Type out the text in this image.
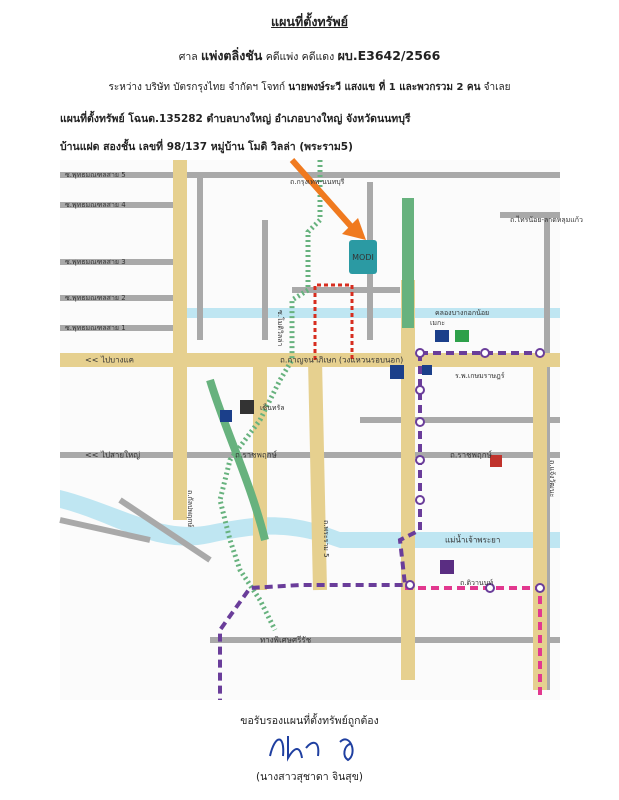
แผนที่ตั้งทรัพย์
ศาล แพ่งตลิ่งชัน คดีแพ่ง คดีแดง ผบ.E3642/2566
ระหว่าง บริษัท บัตรกรุงไทย จำกัดฯ โจทก์ นายพงษ์ระวี แสงแข ที่ 1 และพวกรวม 2 คน จำเลย
แผนที่ตั้งทรัพย์ โฉนด.135282 ตำบลบางใหญ่ อำเภอบางใหญ่ จังหวัดนนทบุรี
บ้านแฝด สองชั้น เลขที่ 98/137 หมู่บ้าน โมดิ วิลล่า (พระราม5)
MODI
<< ไปบางแค	ถ.กาญจนาภิเษก (วงแหวนรอบนอก)
<< ไปสายใหญ่	ถ.ราชพฤกษ์	ถ.ราชพฤกษ์
ทางพิเศษศรีรัช
แม่น้ำเจ้าพระยา
คลองบางกอกน้อย
ถ.กรุงเทพ-นนทบุรี
ถ.ติวานนท์
ซ.พุทธมณฑลสาย 5
ซ.พุทธมณฑลสาย 4
ซ.พุทธมณฑลสาย 3
ซ.พุทธมณฑลสาย 2
ซ.พุทธมณฑลสาย 1
ถ.ไทรน้อย-ลาดหลุมแก้ว
ซ.โมดิวิลล่า
ถ.กัลปพฤกษ์
ถ.พระราม 5
ถ.แจ้งวัฒนะ
เซ็นทรัล
เมกะ
ร.พ.เกษมราษฎร์
ขอรับรองแผนที่ตั้งทรัพย์ถูกต้อง
(นางสาวสุชาดา จินสุข)
